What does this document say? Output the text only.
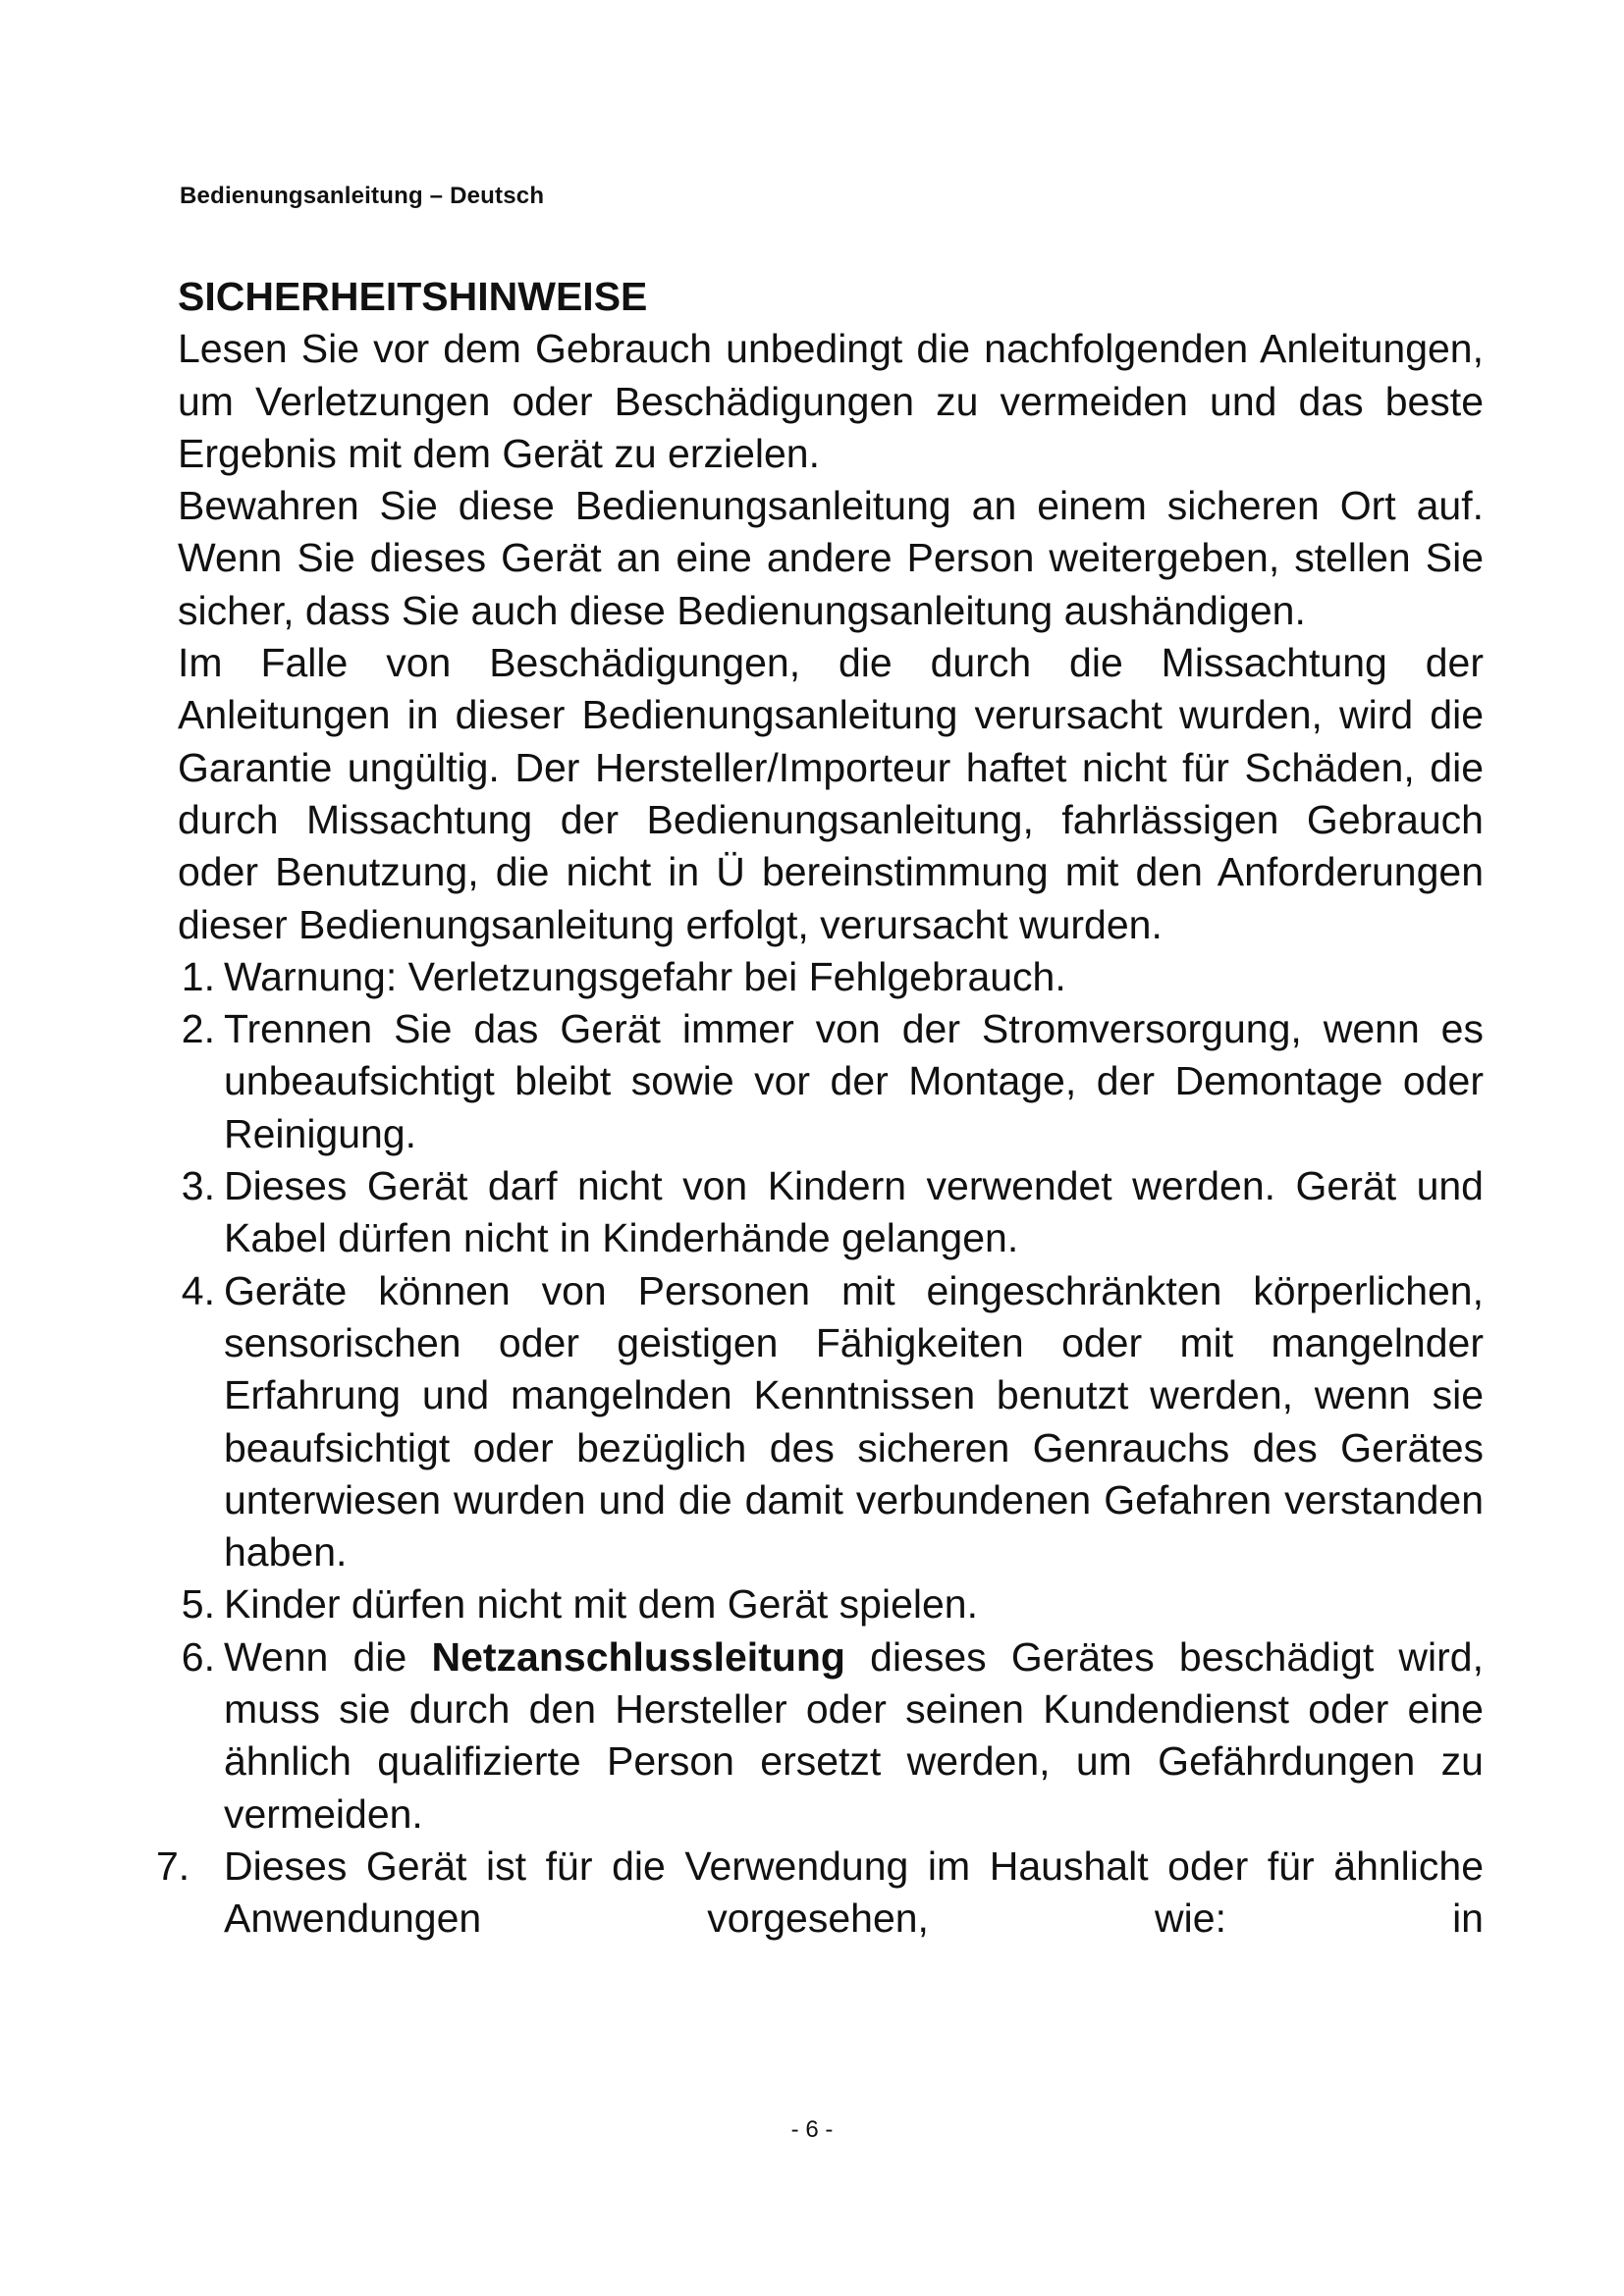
Bedienungsanleitung – Deutsch
SICHERHEITSHINWEISE

Lesen Sie vor dem Gebrauch unbedingt die nachfolgenden Anleitungen, um Verletzungen oder Beschädigungen zu vermeiden und das beste Ergebnis mit dem Gerät zu erzielen.

Bewahren Sie diese Bedienungsanleitung an einem sicheren Ort auf. Wenn Sie dieses Gerät an eine andere Person weitergeben, stellen Sie sicher, dass Sie auch diese Bedienungsanleitung aushändigen.

Im Falle von Beschädigungen, die durch die Missachtung der Anleitungen in dieser Bedienungsanleitung verursacht wurden, wird die Garantie ungültig. Der Hersteller/Importeur haftet nicht für Schäden, die durch Missachtung der Bedienungsanleitung, fahrlässigen Gebrauch oder Benutzung, die nicht in Ü bereinstimmung mit den Anforderungen dieser Bedienungsanleitung erfolgt, verursacht wurden.

1. Warnung: Verletzungsgefahr bei Fehlgebrauch.
2. Trennen Sie das Gerät immer von der Stromversorgung, wenn es unbeaufsichtigt bleibt sowie vor der Montage, der Demontage oder Reinigung.
3. Dieses Gerät darf nicht von Kindern verwendet werden. Gerät und Kabel dürfen nicht in Kinderhände gelangen.
4. Geräte können von Personen mit eingeschränkten körperlichen, sensorischen oder geistigen Fähigkeiten oder mit mangelnder Erfahrung und mangelnden Kenntnissen benutzt werden, wenn sie beaufsichtigt oder bezüglich des sicheren Genrauchs des Gerätes unterwiesen wurden und die damit verbundenen Gefahren verstanden haben.
5. Kinder dürfen nicht mit dem Gerät spielen.
6. Wenn die Netzanschlussleitung dieses Gerätes beschädigt wird, muss sie durch den Hersteller oder seinen Kundendienst oder eine ähnlich qualifizierte Person ersetzt werden, um Gefährdungen zu vermeiden.
7. Dieses Gerät ist für die Verwendung im Haushalt oder für ähnliche Anwendungen vorgesehen, wie: in
- 6 -
